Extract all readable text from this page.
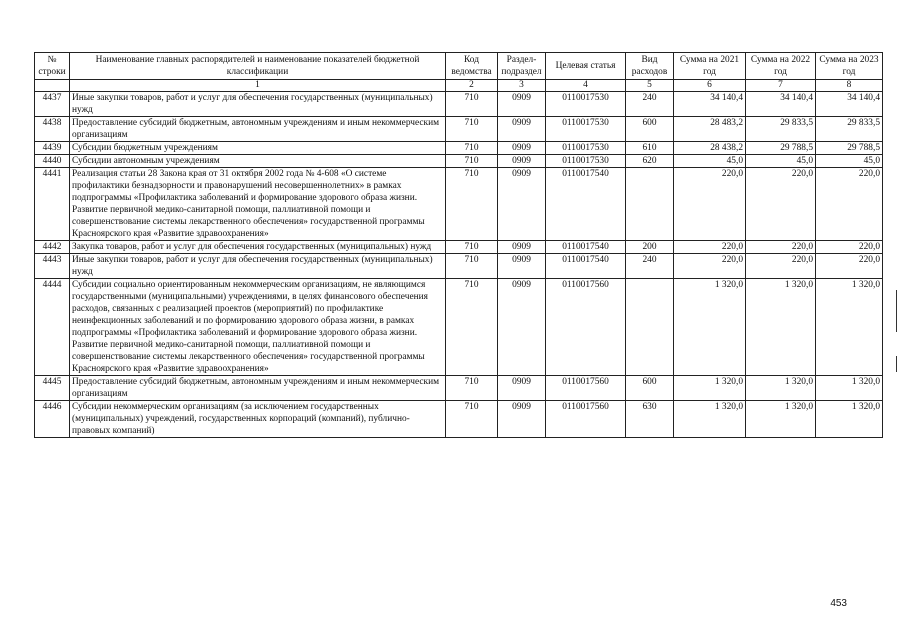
№ строки	Наименование главных распорядителей и наименование показателей бюджетной классификации	Код ведомства	Раздел-подраздел	Целевая статья	Вид расходов	Сумма на 2021 год	Сумма на 2022 год	Сумма на 2023 год
	1	2	3	4	5	6	7	8
4437	Иные закупки товаров, работ и услуг для обеспечения государственных (муниципальных) нужд	710	0909	0110017530	240	34 140,4	34 140,4	34 140,4
4438	Предоставление субсидий бюджетным, автономным учреждениям и иным некоммерческим организациям	710	0909	0110017530	600	28 483,2	29 833,5	29 833,5
4439	Субсидии бюджетным учреждениям	710	0909	0110017530	610	28 438,2	29 788,5	29 788,5
4440	Субсидии автономным учреждениям	710	0909	0110017530	620	45,0	45,0	45,0
4441	Реализация статьи 28 Закона края от 31 октября 2002 года № 4-608 «О системе профилактики безнадзорности и правонарушений несовершеннолетних» в рамках подпрограммы «Профилактика заболеваний и формирование здорового образа жизни. Развитие первичной медико-санитарной помощи, паллиативной помощи и совершенствование системы лекарственного обеспечения» государственной программы Красноярского края «Развитие здравоохранения»	710	0909	0110017540		220,0	220,0	220,0
4442	Закупка товаров, работ и услуг для обеспечения государственных (муниципальных) нужд	710	0909	0110017540	200	220,0	220,0	220,0
4443	Иные закупки товаров, работ и услуг для обеспечения государственных (муниципальных) нужд	710	0909	0110017540	240	220,0	220,0	220,0
4444	Субсидии социально ориентированным некоммерческим организациям, не являющимся государственными (муниципальными) учреждениями, в целях финансового обеспечения расходов, связанных с реализацией проектов (мероприятий) по профилактике неинфекционных заболеваний и по формированию здорового образа жизни, в рамках подпрограммы «Профилактика заболеваний и формирование здорового образа жизни. Развитие первичной медико-санитарной помощи, паллиативной помощи и совершенствование системы лекарственного обеспечения» государственной программы Красноярского края «Развитие здравоохранения»	710	0909	0110017560		1 320,0	1 320,0	1 320,0
4445	Предоставление субсидий бюджетным, автономным учреждениям и иным некоммерческим организациям	710	0909	0110017560	600	1 320,0	1 320,0	1 320,0
4446	Субсидии некоммерческим организациям (за исключением государственных (муниципальных) учреждений, государственных корпораций (компаний), публично-правовых компаний)	710	0909	0110017560	630	1 320,0	1 320,0	1 320,0
453
